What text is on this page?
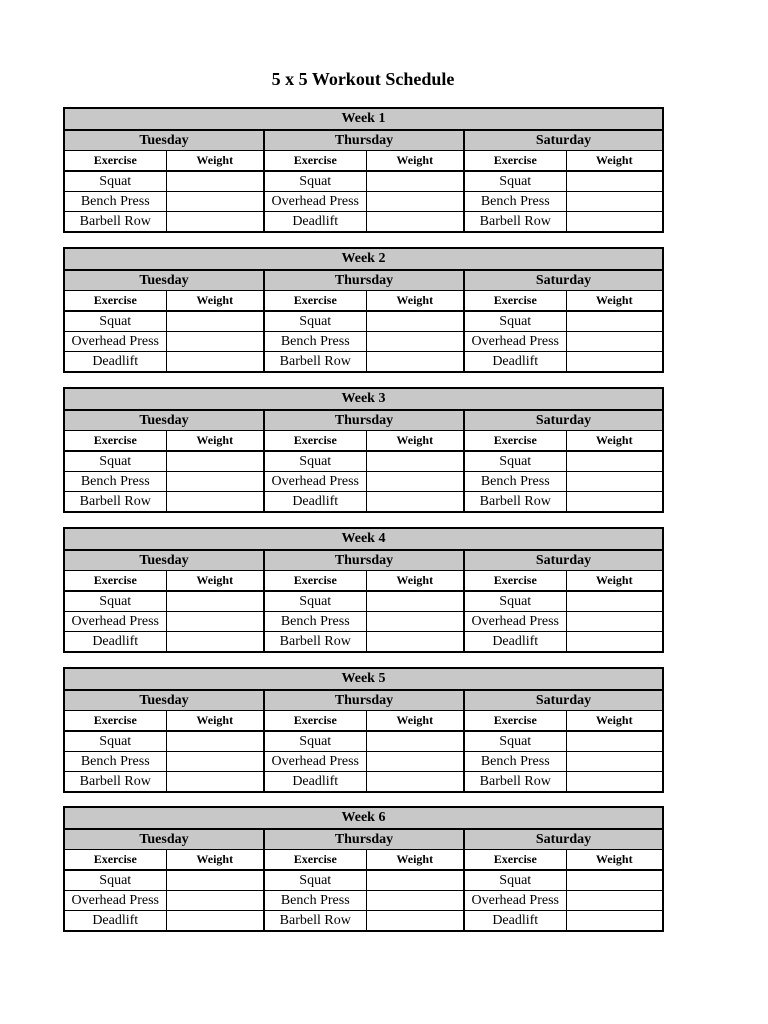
5 x 5 Workout Schedule
Week 1					
Tuesday		Thursday		Saturday	
Exercise	Weight	Exercise	Weight	Exercise	Weight
Squat		Squat		Squat	
Bench Press		Overhead Press		Bench Press	
Barbell Row		Deadlift		Barbell Row	
Week 2					
Tuesday		Thursday		Saturday	
Exercise	Weight	Exercise	Weight	Exercise	Weight
Squat		Squat		Squat	
Overhead Press		Bench Press		Overhead Press	
Deadlift		Barbell Row		Deadlift	
Week 3					
Tuesday		Thursday		Saturday	
Exercise	Weight	Exercise	Weight	Exercise	Weight
Squat		Squat		Squat	
Bench Press		Overhead Press		Bench Press	
Barbell Row		Deadlift		Barbell Row	
Week 4					
Tuesday		Thursday		Saturday	
Exercise	Weight	Exercise	Weight	Exercise	Weight
Squat		Squat		Squat	
Overhead Press		Bench Press		Overhead Press	
Deadlift		Barbell Row		Deadlift	
Week 5					
Tuesday		Thursday		Saturday	
Exercise	Weight	Exercise	Weight	Exercise	Weight
Squat		Squat		Squat	
Bench Press		Overhead Press		Bench Press	
Barbell Row		Deadlift		Barbell Row	
Week 6					
Tuesday		Thursday		Saturday	
Exercise	Weight	Exercise	Weight	Exercise	Weight
Squat		Squat		Squat	
Overhead Press		Bench Press		Overhead Press	
Deadlift		Barbell Row		Deadlift	
